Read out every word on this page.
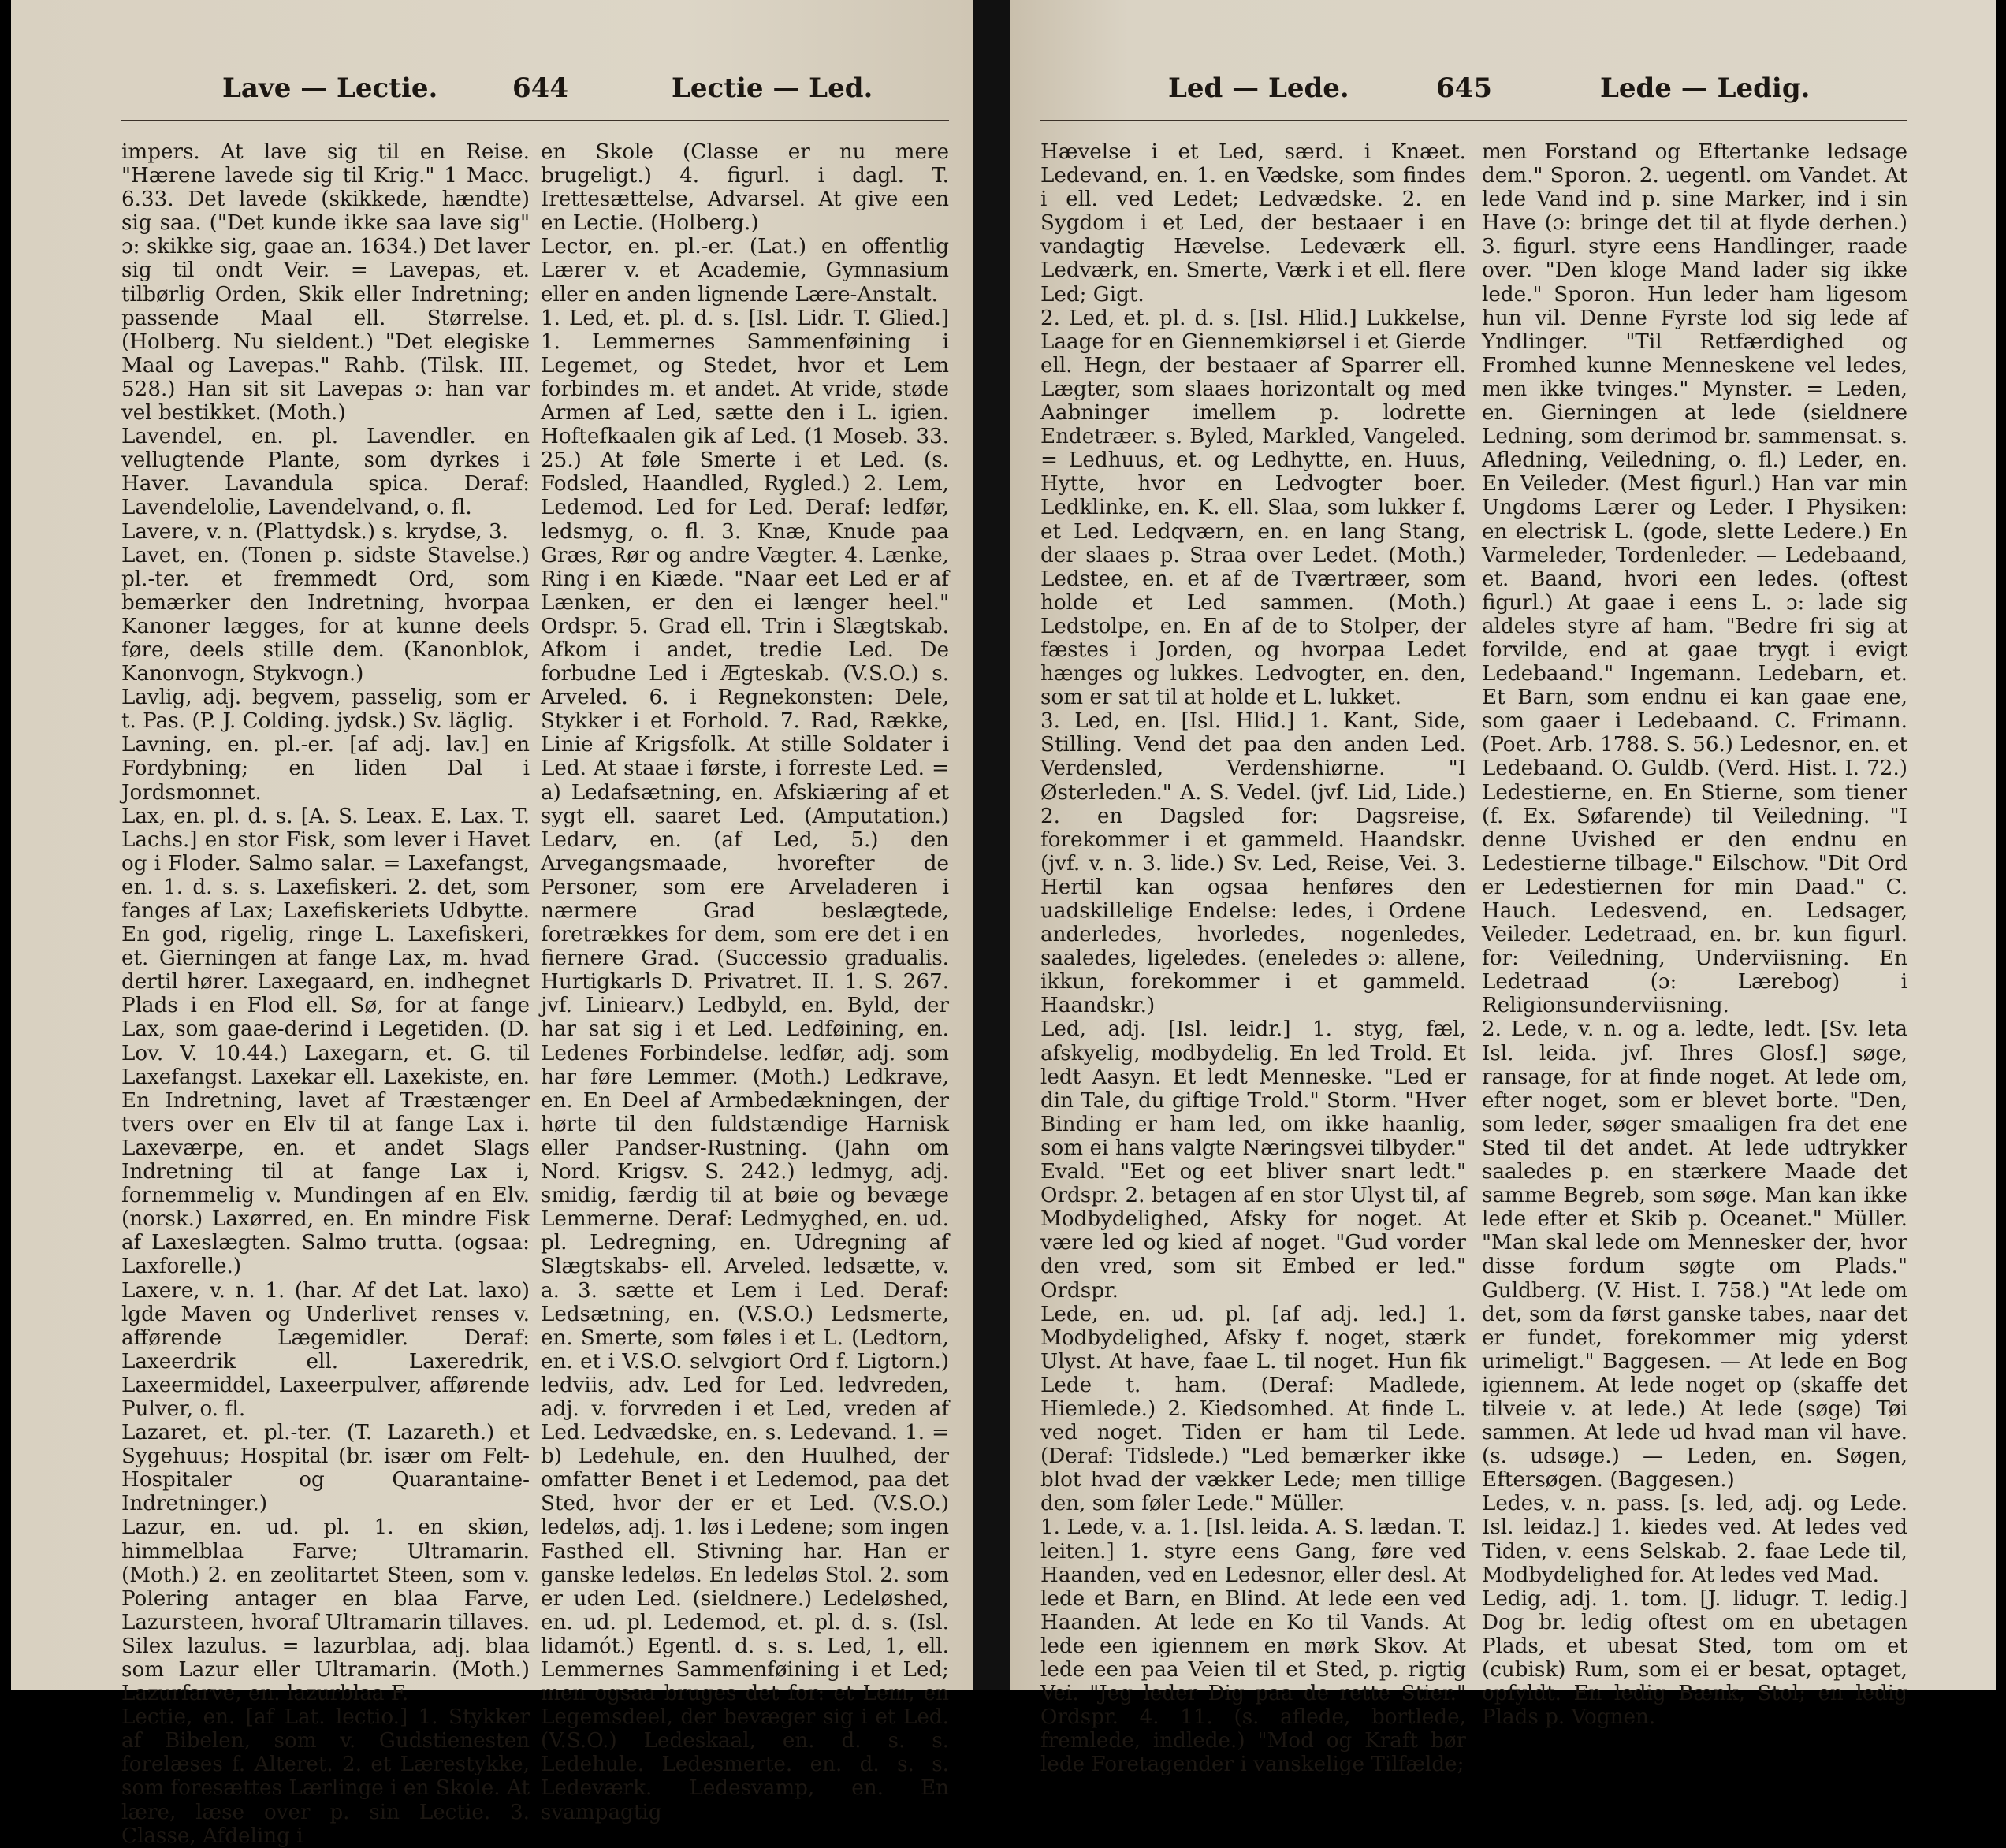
Lave — Lectie.	644	Lectie — Led.

impers. At lave sig til en Reise. "Hærene lavede sig til Krig." 1 Macc. 6.33. Det lavede (skikkede, hændte) sig saa. ("Det kunde ikke saa lave sig" ɔ: skikke sig, gaae an. 1634.) Det laver sig til ondt Veir. = Lavepas, et. tilbørlig Orden, Skik eller Indretning; passende Maal ell. Størrelse. (Holberg. Nu sieldent.) "Det elegiske Maal og Lavepas." Rahb. (Tilsk. III. 528.) Han sit sit Lavepas ɔ: han var vel bestikket. (Moth.)

Lavendel, en. pl. Lavendler. en vellugtende Plante, som dyrkes i Haver. Lavandula spica. Deraf: Lavendelolie, Lavendelvand, o. fl.

Lavere, v. n. (Plattydsk.) s. krydse, 3.

Lavet, en. (Tonen p. sidste Stavelse.) pl.-ter. et fremmedt Ord, som bemærker den Indretning, hvorpaa Kanoner lægges, for at kunne deels føre, deels stille dem. (Kanonblok, Kanonvogn, Stykvogn.)

Lavlig, adj. begvem, passelig, som er t. Pas. (P. J. Colding. jydsk.) Sv. läglig.

Lavning, en. pl.-er. [af adj. lav.] en Fordybning; en liden Dal i Jordsmonnet.

Lax, en. pl. d. s. [A. S. Leax. E. Lax. T. Lachs.] en stor Fisk, som lever i Havet og i Floder. Salmo salar. = Laxefangst, en. 1. d. s. s. Laxefiskeri. 2. det, som fanges af Lax; Laxefiskeriets Udbytte. En god, rigelig, ringe L. Laxefiskeri, et. Gierningen at fange Lax, m. hvad dertil hører. Laxegaard, en. indhegnet Plads i en Flod ell. Sø, for at fange Lax, som gaae-derind i Legetiden. (D. Lov. V. 10.44.) Laxegarn, et. G. til Laxefangst. Laxekar ell. Laxekiste, en. En Indretning, lavet af Træstænger tvers over en Elv til at fange Lax i. Laxeværpe, en. et andet Slags Indretning til at fange Lax i, fornemmelig v. Mundingen af en Elv. (norsk.) Laxørred, en. En mindre Fisk af Laxeslægten. Salmo trutta. (ogsaa: Laxforelle.)

Laxere, v. n. 1. (har. Af det Lat. laxo) lgde Maven og Underlivet renses v. afførende Lægemidler. Deraf: Laxeerdrik ell. Laxeredrik, Laxeermiddel, Laxeerpulver, afførende Pulver, o. fl.

Lazaret, et. pl.-ter. (T. Lazareth.) et Sygehuus; Hospital (br. især om Felt-Hospitaler og Quarantaine-Indretninger.)

Lazur, en. ud. pl. 1. en skiøn, himmelblaa Farve; Ultramarin. (Moth.) 2. en zeolitartet Steen, som v. Polering antager en blaa Farve, Lazursteen, hvoraf Ultramarin tillaves. Silex lazulus. = lazurblaa, adj. blaa som Lazur eller Ultramarin. (Moth.) Lazurfarve, en. lazurblaa F.

Lectie, en. [af Lat. lectio.] 1. Stykker af Bibelen, som v. Gudstienesten forelæses f. Alteret. 2. et Lærestykke, som foresættes Lærlinge i en Skole. At lære, læse over p. sin Lectie. 3. Classe, Afdeling i

en Skole (Classe er nu mere brugeligt.) 4. figurl. i dagl. T. Irettesættelse, Advarsel. At give een en Lectie. (Holberg.)

Lector, en. pl.-er. (Lat.) en offentlig Lærer v. et Academie, Gymnasium eller en anden lignende Lære-Anstalt.

1. Led, et. pl. d. s. [Isl. Lidr. T. Glied.] 1. Lemmernes Sammenføining i Legemet, og Stedet, hvor et Lem forbindes m. et andet. At vride, støde Armen af Led, sætte den i L. igien. Hoftefkaalen gik af Led. (1 Mosеb. 33. 25.) At føle Smerte i et Led. (s. Fodsled, Haandled, Rygled.) 2. Lem, Ledemod. Led for Led. Deraf: ledfør, ledsmyg, o. fl. 3. Knæ, Knude paa Græs, Rør og andre Vægter. 4. Lænke, Ring i en Kiæde. "Naar eet Led er af Lænken, er den ei længer heel." Ordspr. 5. Grad ell. Trin i Slægtskab. Afkom i andet, tredie Led. De forbudne Led i Ægteskab. (V.S.O.) s. Arveled. 6. i Regnekonsten: Dele, Stykker i et Forhold. 7. Rad, Række, Linie af Krigsfolk. At stille Soldater i Led. At staae i første, i forreste Led. = a) Ledafsætning, en. Afskiæring af et sygt ell. saaret Led. (Amputation.) Ledarv, en. (af Led, 5.) den Arvegangsmaade, hvorefter de Personer, som ere Arvеladeren i nærmere Grad beslægtede, foretrækkes for dem, som ere det i en fiernere Grad. (Successio gradualis. Hurtigkarls D. Privatret. II. 1. S. 267. jvf. Liniearv.) Ledbyld, en. Byld, der har sat sig i et Led. Ledføining, en. Ledenes Forbindelse. ledfør, adj. som har føre Lemmer. (Moth.) Ledkrave, en. En Deel af Armbedækningen, der hørte til den fuldstændige Harnisk eller Pandser-Rustning. (Jahn om Nord. Krigsv. S. 242.) ledmyg, adj. smidig, færdig til at bøie og bevæge Lemmerne. Deraf: Ledmyghed, en. ud. pl. Ledregning, en. Udregning af Slægtskabs- ell. Arveled. ledsætte, v. a. 3. sætte et Lem i Led. Deraf: Ledsætning, en. (V.S.O.) Ledsmerte, en. Smerte, som føles i et L. (Ledtorn, en. et i V.S.O. selvgiort Ord f. Ligtorn.) ledviis, adv. Led for Led. ledvreden, adj. v. forvreden i et Led, vreden af Led. Ledvædske, en. s. Ledevand. 1. = b) Ledehule, en. den Huulhed, der omfatter Benet i et Ledemod, paa det Sted, hvor der er et Led. (V.S.O.) ledeløs, adj. 1. løs i Ledene; som ingen Fasthed ell. Stivning har. Han er ganske ledeløs. En ledeløs Stol. 2. som er uden Led. (sieldnere.) Ledeløshed, en. ud. pl. Ledemod, et. pl. d. s. (Isl. lidamót.) Egentl. d. s. s. Led, 1, ell. Lemmernes Sammenføining i et Led; men ogsaa bruges det for: et Lem, en Legemsdeel, der bevæger sig i et Led. (V.S.O.) Ledeskaal, en. d. s. s. Ledehule. Ledesmerte. en. d. s. s. Ledeværk. Ledesvamp, en. En svampagtig

Led — Lede.	645	Lede — Ledig.

Hævelse i et Led, særd. i Knæet. Ledevand, en. 1. en Vædske, som findes i ell. ved Ledet; Ledvædske. 2. en Sygdom i et Led, der bestaaer i en vandagtig Hævelse. Ledeværk ell. Ledværk, en. Smerte, Værk i et ell. flere Led; Gigt.

2. Led, et. pl. d. s. [Isl. Hlid.] Lukkelse, Laage for en Giennemkiørsel i et Gierde ell. Hegn, der bestaaer af Sparrer ell. Lægter, som slaaes horizontalt og med Aabninger imellem p. lodrette Endetræer. s. Byled, Markled, Vangeled. = Ledhuus, et. og Ledhytte, en. Huus, Hytte, hvor en Ledvogter boer. Ledklinke, en. K. ell. Slaa, som lukker f. et Led. Ledqværn, en. en lang Stang, der slaaes p. Straa over Ledet. (Moth.) Ledstee, en. et af de Tværtræer, som holde et Led sammen. (Moth.) Ledstolpe, en. En af de to Stolper, der fæstes i Jorden, og hvorpaa Ledet hænges og lukkes. Ledvogter, en. den, som er sat til at holde et L. lukket.

3. Led, en. [Isl. Hlid.] 1. Kant, Side, Stilling. Vend det paa den anden Led. Verdensled, Verdenshiørne. "I Østerleden." A. S. Vedel. (jvf. Lid, Lide.) 2. en Dagsled for: Dagsreise, forekommer i et gammeld. Haandskr. (jvf. v. n. 3. lide.) Sv. Led, Reise, Vei. 3. Hertil kan ogsaa henføres den uadskillelige Endelse: ledes, i Ordene anderledes, hvorledes, nogenledes, saaledes, ligeledes. (eneledes ɔ: allene, ikkun, forekommer i et gammeld. Haandskr.)

Led, adj. [Isl. leidr.] 1. styg, fæl, afskyelig, modbydelig. En led Trold. Et ledt Aasyn. Et ledt Menneske. "Led er din Tale, du giftige Trold." Storm. "Hver Binding er ham led, om ikke haanlig, som ei hans valgte Næringsvei tilbyder." Evald. "Eet og eet bliver snart ledt." Ordspr. 2. betagen af en stor Ulyst til, af Modbydelighed, Afsky for noget. At være led og kied af noget. "Gud vorder den vred, som sit Embed er led." Ordspr.

Lede, en. ud. pl. [af adj. led.] 1. Modbydelighed, Afsky f. noget, stærk Ulyst. At have, faae L. til noget. Hun fik Lede t. ham. (Deraf: Madlede, Hiemlede.) 2. Kiedsomhed. At finde L. ved noget. Tiden er ham til Lede. (Deraf: Tidslede.) "Led bemærker ikke blot hvad der vækker Lede; men tillige den, som føler Lede." Müller.

1. Lede, v. a. 1. [Isl. leida. A. S. lædan. T. leiten.] 1. styre eens Gang, føre ved Haanden, ved en Ledesnor, eller desl. At lede et Barn, en Blind. At lede een ved Haanden. At lede en Ko til Vands. At lede een igiennem en mørk Skov. At lede een paa Veien til et Sted, p. rigtig Vei. "Jeg leder Dig paa de rette Stier." Ordspr. 4. 11. (s. aflede, bortlede, fremlede, indlede.) "Mod og Kraft bør lede Foretagender i vanskelige Tilfælde;

men Forstand og Eftertanke ledsage dem." Sporon. 2. uegentl. om Vandet. At lede Vand ind p. sine Marker, ind i sin Have (ɔ: bringe det til at flyde derhen.) 3. figurl. styre eens Handlinger, raade over. "Den kloge Mand lader sig ikke lede." Sporon. Hun leder ham ligesom hun vil. Denne Fyrste lod sig lede af Yndlinger. "Til Retfærdighed og Fromhed kunne Menneskene vel ledes, men ikke tvinges." Mynster. = Leden, en. Gierningen at lede (sieldnere Ledning, som derimod br. sammensat. s. Afledning, Veiledning, o. fl.) Leder, en. En Veileder. (Mest figurl.) Han var min Ungdoms Lærer og Leder. I Physiken: en electrisk L. (gode, slette Ledere.) En Varmeleder, Tordenleder. — Ledebaand, et. Baand, hvori een ledes. (oftest figurl.) At gaae i eens L. ɔ: lade sig aldeles styre af ham. "Bedre fri sig at forvilde, end at gaae trygt i evigt Ledebaand." Ingemann. Ledebarn, et. Et Barn, som endnu ei kan gaae ene, som gaaer i Ledebaand. C. Frimann. (Poet. Arb. 1788. S. 56.) Ledesnor, en. et Ledebaand. O. Guldb. (Verd. Hist. I. 72.) Ledestierne, en. En Stierne, som tiener (f. Ex. Søfarende) til Veiledning. "I denne Uvished er den endnu en Ledestierne tilbage." Eilschow. "Dit Ord er Ledestiernen for min Daad." C. Hauch. Ledesvend, en. Ledsager, Veileder. Ledetraad, en. br. kun figurl. for: Veiledning, Underviisning. En Ledetraad (ɔ: Lærebog) i Religionsunderviisning.

2. Lede, v. n. og a. ledte, ledt. [Sv. leta Isl. leida. jvf. Ihres Glosf.] søge, ransage, for at finde noget. At lede om, efter noget, som er blevet borte. "Den, som leder, søger smaaligen fra det ene Sted til det andet. At lede udtrykker saaledes p. en stærkere Maade det samme Begreb, som søge. Man kan ikke lede efter et Skib p. Oceanet." Müller. "Man skal lede om Mennesker der, hvor disse fordum søgte om Plads." Guldberg. (V. Hist. I. 758.) "At lede om det, som da først ganske tabes, naar det er fundet, forekommer mig yderst urimeligt." Baggesen. — At lede en Bog igiennem. At lede noget op (skaffe det tilveie v. at lede.) At lede (søge) Tøi sammen. At lede ud hvad man vil have. (s. udsøge.) — Leden, en. Søgen, Eftersøgen. (Baggesen.)

Ledes, v. n. pass. [s. led, adj. og Lede. Isl. leidaz.] 1. kiedes ved. At ledes ved Tiden, v. eens Selskab. 2. faae Lede til, Modbydelighed for. At ledes ved Mad.

Ledig, adj. 1. tom. [J. lidugr. T. ledig.] Dog br. ledig oftest om en ubetagen Plads, et ubesat Sted, tom om et (cubisk) Rum, som ei er besat, optaget, opfyldt. En ledig Bænk, Stol; en ledig Plads p. Vognen.
